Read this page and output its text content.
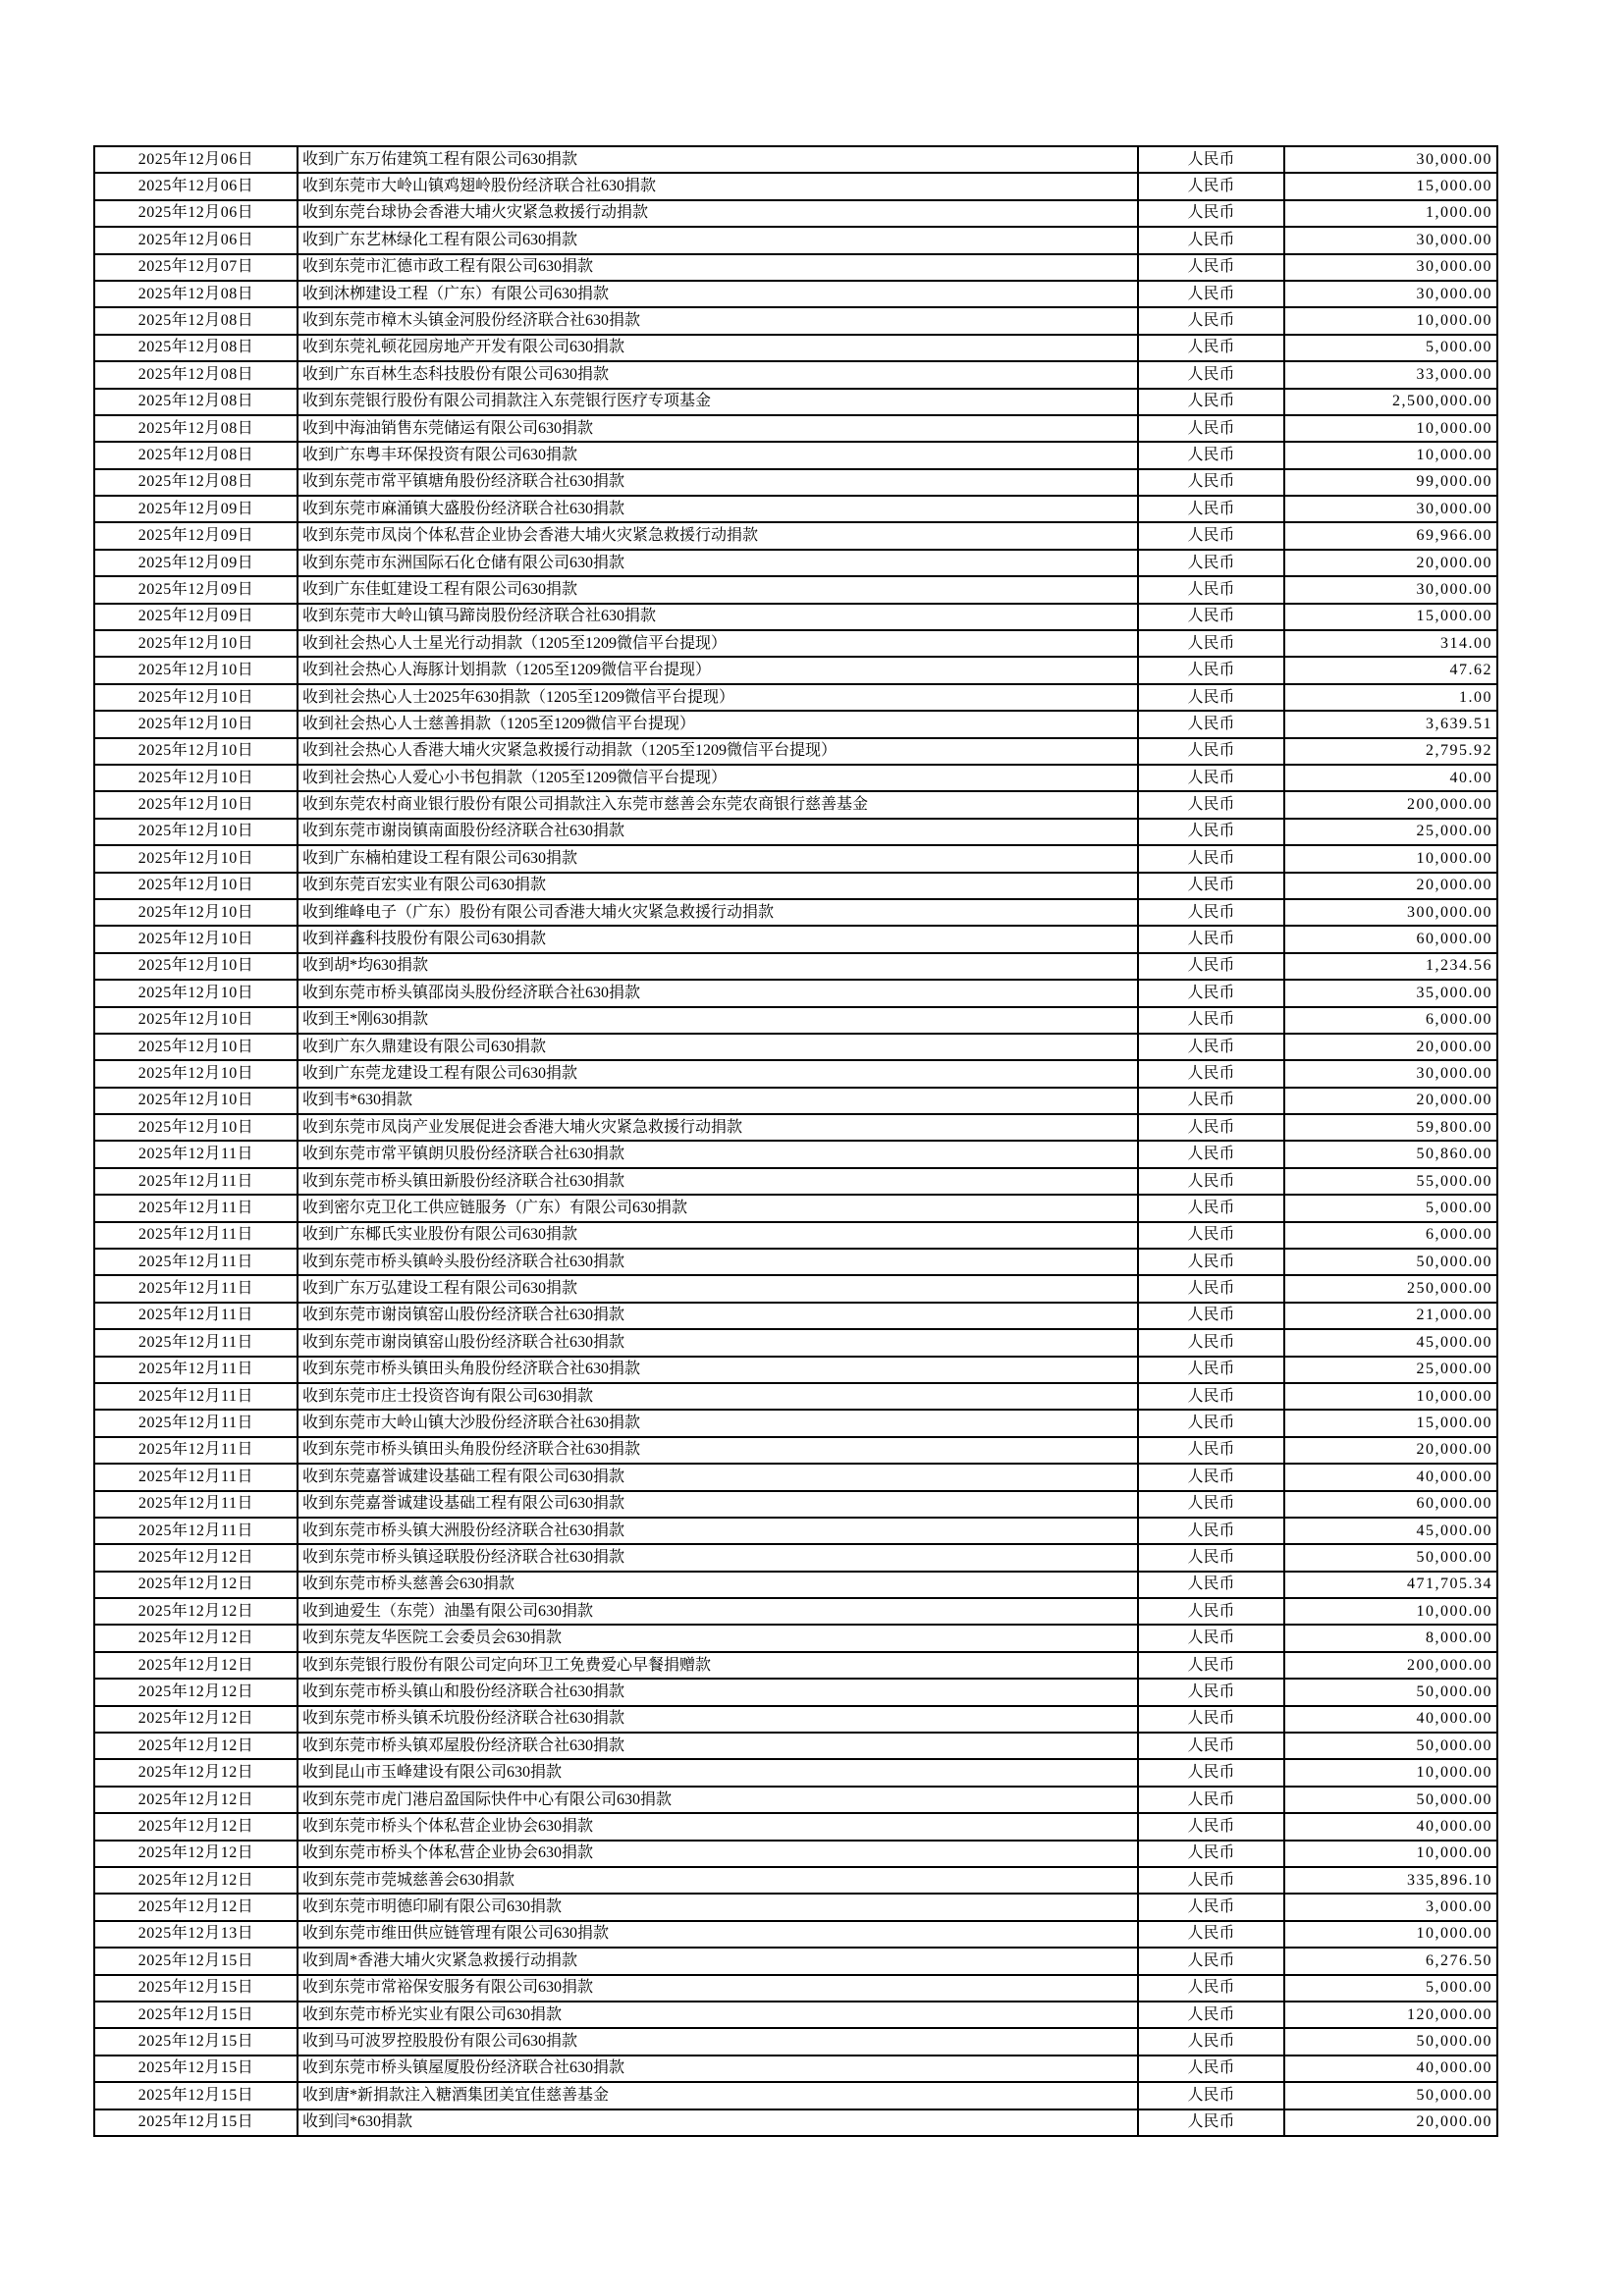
2025年12月06日	收到广东万佑建筑工程有限公司630捐款	人民币	30,000.00
2025年12月06日	收到东莞市大岭山镇鸡翅岭股份经济联合社630捐款	人民币	15,000.00
2025年12月06日	收到东莞台球协会香港大埔火灾紧急救援行动捐款	人民币	1,000.00
2025年12月06日	收到广东艺林绿化工程有限公司630捐款	人民币	30,000.00
2025年12月07日	收到东莞市汇德市政工程有限公司630捐款	人民币	30,000.00
2025年12月08日	收到沐栁建设工程（广东）有限公司630捐款	人民币	30,000.00
2025年12月08日	收到东莞市樟木头镇金河股份经济联合社630捐款	人民币	10,000.00
2025年12月08日	收到东莞礼顿花园房地产开发有限公司630捐款	人民币	5,000.00
2025年12月08日	收到广东百林生态科技股份有限公司630捐款	人民币	33,000.00
2025年12月08日	收到东莞银行股份有限公司捐款注入东莞银行医疗专项基金	人民币	2,500,000.00
2025年12月08日	收到中海油销售东莞储运有限公司630捐款	人民币	10,000.00
2025年12月08日	收到广东粤丰环保投资有限公司630捐款	人民币	10,000.00
2025年12月08日	收到东莞市常平镇塘角股份经济联合社630捐款	人民币	99,000.00
2025年12月09日	收到东莞市麻涌镇大盛股份经济联合社630捐款	人民币	30,000.00
2025年12月09日	收到东莞市凤岗个体私营企业协会香港大埔火灾紧急救援行动捐款	人民币	69,966.00
2025年12月09日	收到东莞市东洲国际石化仓储有限公司630捐款	人民币	20,000.00
2025年12月09日	收到广东佳虹建设工程有限公司630捐款	人民币	30,000.00
2025年12月09日	收到东莞市大岭山镇马蹄岗股份经济联合社630捐款	人民币	15,000.00
2025年12月10日	收到社会热心人士星光行动捐款（1205至1209微信平台提现）	人民币	314.00
2025年12月10日	收到社会热心人海豚计划捐款（1205至1209微信平台提现）	人民币	47.62
2025年12月10日	收到社会热心人士2025年630捐款（1205至1209微信平台提现）	人民币	1.00
2025年12月10日	收到社会热心人士慈善捐款（1205至1209微信平台提现）	人民币	3,639.51
2025年12月10日	收到社会热心人香港大埔火灾紧急救援行动捐款（1205至1209微信平台提现）	人民币	2,795.92
2025年12月10日	收到社会热心人爱心小书包捐款（1205至1209微信平台提现）	人民币	40.00
2025年12月10日	收到东莞农村商业银行股份有限公司捐款注入东莞市慈善会东莞农商银行慈善基金	人民币	200,000.00
2025年12月10日	收到东莞市谢岗镇南面股份经济联合社630捐款	人民币	25,000.00
2025年12月10日	收到广东楠柏建设工程有限公司630捐款	人民币	10,000.00
2025年12月10日	收到东莞百宏实业有限公司630捐款	人民币	20,000.00
2025年12月10日	收到维峰电子（广东）股份有限公司香港大埔火灾紧急救援行动捐款	人民币	300,000.00
2025年12月10日	收到祥鑫科技股份有限公司630捐款	人民币	60,000.00
2025年12月10日	收到胡*均630捐款	人民币	1,234.56
2025年12月10日	收到东莞市桥头镇邵岗头股份经济联合社630捐款	人民币	35,000.00
2025年12月10日	收到王*刚630捐款	人民币	6,000.00
2025年12月10日	收到广东久鼎建设有限公司630捐款	人民币	20,000.00
2025年12月10日	收到广东莞龙建设工程有限公司630捐款	人民币	30,000.00
2025年12月10日	收到韦*630捐款	人民币	20,000.00
2025年12月10日	收到东莞市凤岗产业发展促进会香港大埔火灾紧急救援行动捐款	人民币	59,800.00
2025年12月11日	收到东莞市常平镇朗贝股份经济联合社630捐款	人民币	50,860.00
2025年12月11日	收到东莞市桥头镇田新股份经济联合社630捐款	人民币	55,000.00
2025年12月11日	收到密尔克卫化工供应链服务（广东）有限公司630捐款	人民币	5,000.00
2025年12月11日	收到广东椰氏实业股份有限公司630捐款	人民币	6,000.00
2025年12月11日	收到东莞市桥头镇岭头股份经济联合社630捐款	人民币	50,000.00
2025年12月11日	收到广东万弘建设工程有限公司630捐款	人民币	250,000.00
2025年12月11日	收到东莞市谢岗镇窑山股份经济联合社630捐款	人民币	21,000.00
2025年12月11日	收到东莞市谢岗镇窑山股份经济联合社630捐款	人民币	45,000.00
2025年12月11日	收到东莞市桥头镇田头角股份经济联合社630捐款	人民币	25,000.00
2025年12月11日	收到东莞市庄士投资咨询有限公司630捐款	人民币	10,000.00
2025年12月11日	收到东莞市大岭山镇大沙股份经济联合社630捐款	人民币	15,000.00
2025年12月11日	收到东莞市桥头镇田头角股份经济联合社630捐款	人民币	20,000.00
2025年12月11日	收到东莞嘉誉诚建设基础工程有限公司630捐款	人民币	40,000.00
2025年12月11日	收到东莞嘉誉诚建设基础工程有限公司630捐款	人民币	60,000.00
2025年12月11日	收到东莞市桥头镇大洲股份经济联合社630捐款	人民币	45,000.00
2025年12月12日	收到东莞市桥头镇迳联股份经济联合社630捐款	人民币	50,000.00
2025年12月12日	收到东莞市桥头慈善会630捐款	人民币	471,705.34
2025年12月12日	收到迪爱生（东莞）油墨有限公司630捐款	人民币	10,000.00
2025年12月12日	收到东莞友华医院工会委员会630捐款	人民币	8,000.00
2025年12月12日	收到东莞银行股份有限公司定向环卫工免费爱心早餐捐赠款	人民币	200,000.00
2025年12月12日	收到东莞市桥头镇山和股份经济联合社630捐款	人民币	50,000.00
2025年12月12日	收到东莞市桥头镇禾坑股份经济联合社630捐款	人民币	40,000.00
2025年12月12日	收到东莞市桥头镇邓屋股份经济联合社630捐款	人民币	50,000.00
2025年12月12日	收到昆山市玉峰建设有限公司630捐款	人民币	10,000.00
2025年12月12日	收到东莞市虎门港启盈国际快件中心有限公司630捐款	人民币	50,000.00
2025年12月12日	收到东莞市桥头个体私营企业协会630捐款	人民币	40,000.00
2025年12月12日	收到东莞市桥头个体私营企业协会630捐款	人民币	10,000.00
2025年12月12日	收到东莞市莞城慈善会630捐款	人民币	335,896.10
2025年12月12日	收到东莞市明德印刷有限公司630捐款	人民币	3,000.00
2025年12月13日	收到东莞市维田供应链管理有限公司630捐款	人民币	10,000.00
2025年12月15日	收到周*香港大埔火灾紧急救援行动捐款	人民币	6,276.50
2025年12月15日	收到东莞市常裕保安服务有限公司630捐款	人民币	5,000.00
2025年12月15日	收到东莞市桥光实业有限公司630捐款	人民币	120,000.00
2025年12月15日	收到马可波罗控股股份有限公司630捐款	人民币	50,000.00
2025年12月15日	收到东莞市桥头镇屋厦股份经济联合社630捐款	人民币	40,000.00
2025年12月15日	收到唐*新捐款注入糖酒集团美宜佳慈善基金	人民币	50,000.00
2025年12月15日	收到闫*630捐款	人民币	20,000.00
